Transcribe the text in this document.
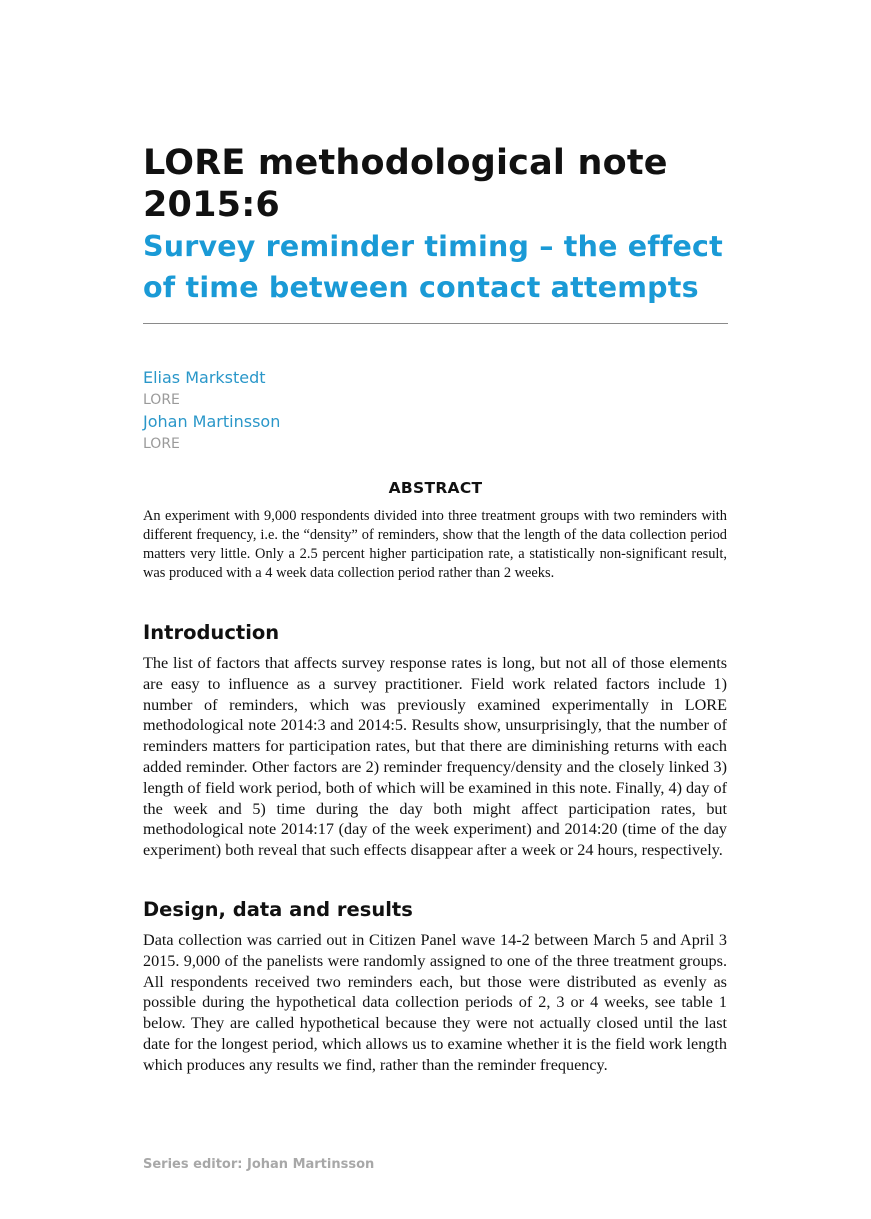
LORE methodological note
2015:6
Survey reminder timing – the effect
of time between contact attempts
Elias Markstedt
LORE
Johan Martinsson
LORE
ABSTRACT

An experiment with 9,000 respondents divided into three treatment groups with two reminders with different frequency, i.e. the “density” of reminders, show that the length of the data collection period matters very little. Only a 2.5 percent higher participation rate, a statistically non-significant result, was produced with a 4 week data collection period rather than 2 weeks.

Introduction

The list of factors that affects survey response rates is long, but not all of those elements are easy to influence as a survey practitioner. Field work related factors include 1) number of reminders, which was previously examined experimentally in LORE methodological note 2014:3 and 2014:5. Results show, unsurprisingly, that the number of reminders matters for participation rates, but that there are diminishing returns with each added reminder. Other factors are 2) reminder frequency/density and the closely linked 3) length of field work period, both of which will be examined in this note. Finally, 4) day of the week and 5) time during the day both might affect participation rates, but methodological note 2014:17 (day of the week experiment) and 2014:20 (time of the day experiment) both reveal that such effects disappear after a week or 24 hours, respectively.

Design, data and results

Data collection was carried out in Citizen Panel wave 14-2 between March 5 and April 3 2015. 9,000 of the panelists were randomly assigned to one of the three treatment groups. All respondents received two reminders each, but those were distributed as evenly as possible during the hypothetical data collection periods of 2, 3 or 4 weeks, see table 1 below. They are called hypothetical because they were not actually closed until the last date for the longest period, which allows us to examine whether it is the field work length which produces any results we find, rather than the reminder frequency.

Series editor: Johan Martinsson
